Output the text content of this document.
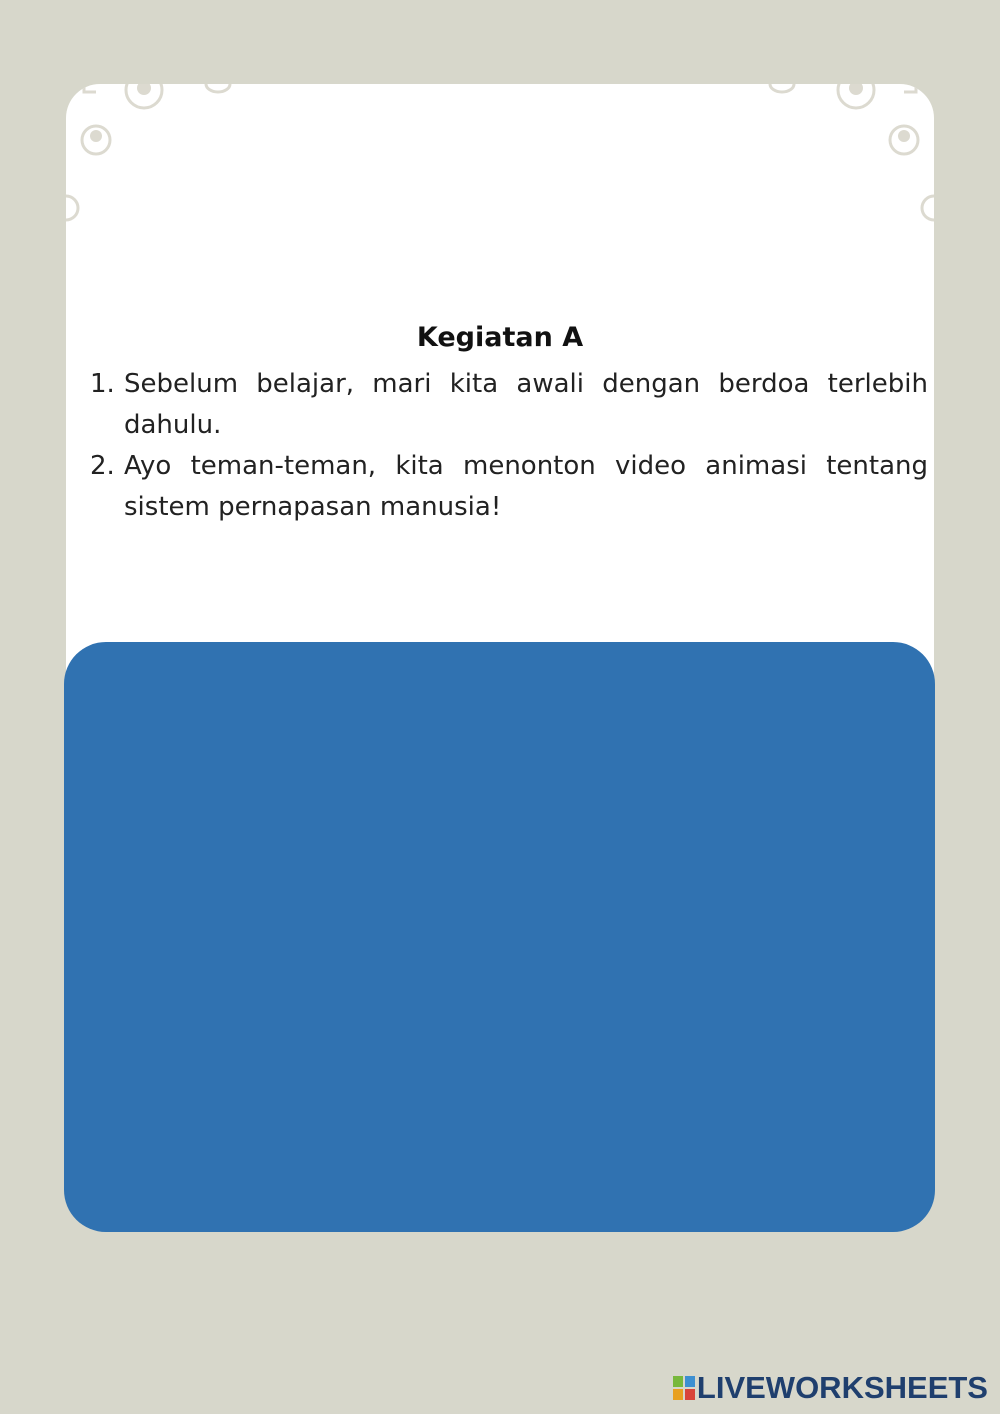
Kegiatan A
1. Sebelum belajar, mari kita awali dengan berdoa terlebih dahulu.
2. Ayo teman-teman, kita menonton video animasi tentang sistem pernapasan manusia!
LIVEWORKSHEETS
